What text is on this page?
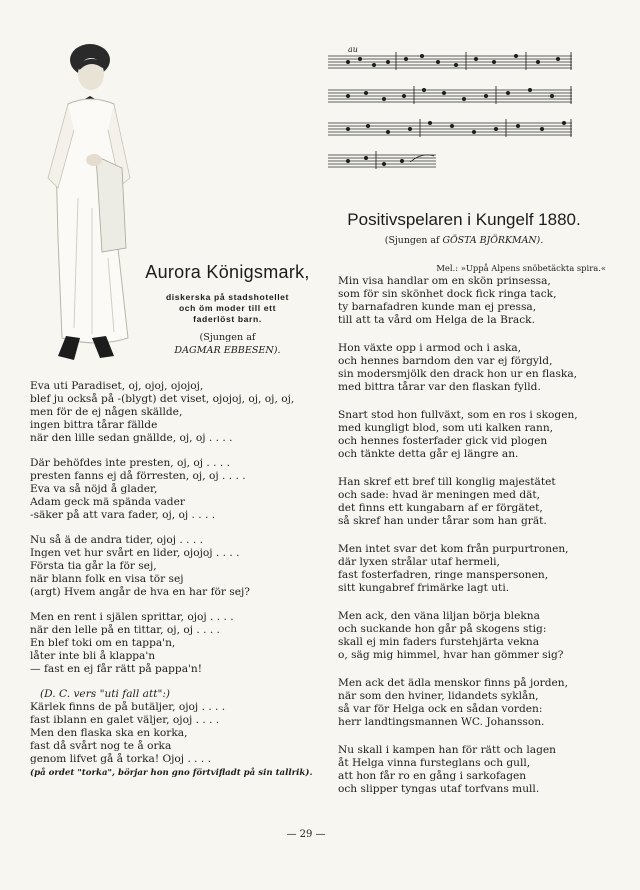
au
Aurora Königsmark,
diskerska på stadshotellet
och öm moder till ett
faderlöst barn.
(Sjungen af
DAGMAR EBBESEN).
Eva uti Paradiset, oj, ojoj, ojojoj,
blef ju också på -(blygt) det viset, ojojoj, oj, oj, oj,
men för de ej någen skällde,
ingen bittra tårar fällde
när den lille sedan gnällde, oj, oj . . . .
Där behöfdes inte presten, oj, oj . . . .
presten fanns ej då förresten, oj, oj . . . .
Eva va så nöjd å glader,
Adam geck mä spända vader
-säker på att vara fader, oj, oj . . . .
Nu så ä de andra tider, ojoj . . . .
Ingen vet hur svårt en lider, ojojoj . . . .
Första tia går la för sej,
när blann folk en visa tör sej
(argt) Hvem angår de hva en har för sej?
Men en rent i själen sprittar, ojoj . . . .
när den lelle på en tittar, oj, oj . . . .
En blef toki om en tappa'n,
låter inte bli å klappa'n
— fast en ej får rätt på pappa'n!
(D. C. vers "uti fall att":)
Kärlek finns de på butäljer, ojoj . . . .
fast iblann en galet väljer, ojoj . . . .
Men den flaska ska en korka,
fast då svårt nog te å orka
genom lifvet gå å torka! Ojoj . . . .
(på ordet "torka", börjar hon gno förtvifladt på sin tallrik).
Positivspelaren i Kungelf 1880.
(Sjungen af GÖSTA BJÖRKMAN).
Mel.: »Uppå Alpens snöbetäckta spira.«
Min visa handlar om en skön prinsessa,
som för sin skönhet dock fick ringa tack,
ty barnafadren kunde man ej pressa,
till att ta vård om Helga de la Brack.
Hon växte opp i armod och i aska,
och hennes barndom den var ej förgyld,
sin modersmjölk den drack hon ur en flaska,
med bittra tårar var den flaskan fylld.
Snart stod hon fullväxt, som en ros i skogen,
med kungligt blod, som uti kalken rann,
och hennes fosterfader gick vid plogen
och tänkte detta går ej längre an.
Han skref ett bref till konglig majestätet
och sade: hvad är meningen med dät,
det finns ett kungabarn af er förgätet,
så skref han under tårar som han grät.
Men intet svar det kom från purpurtronen,
där lyxen strålar utaf hermeli,
fast fosterfadren, ringe manspersonen,
sitt kungabref frimärke lagt uti.
Men ack, den väna liljan börja blekna
och suckande hon går på skogens stig:
skall ej min faders furstehjärta vekna
o, säg mig himmel, hvar han gömmer sig?
Men ack det ädla menskor finns på jorden,
när som den hviner, lidandets syklån,
så var för Helga ock en sådan vorden:
herr landtingsmannen WC. Johansson.
Nu skall i kampen han för rätt och lagen
åt Helga vinna fursteglans och gull,
att hon får ro en gång i sarkofagen
och slipper tyngas utaf torfvans mull.
— 29 —
